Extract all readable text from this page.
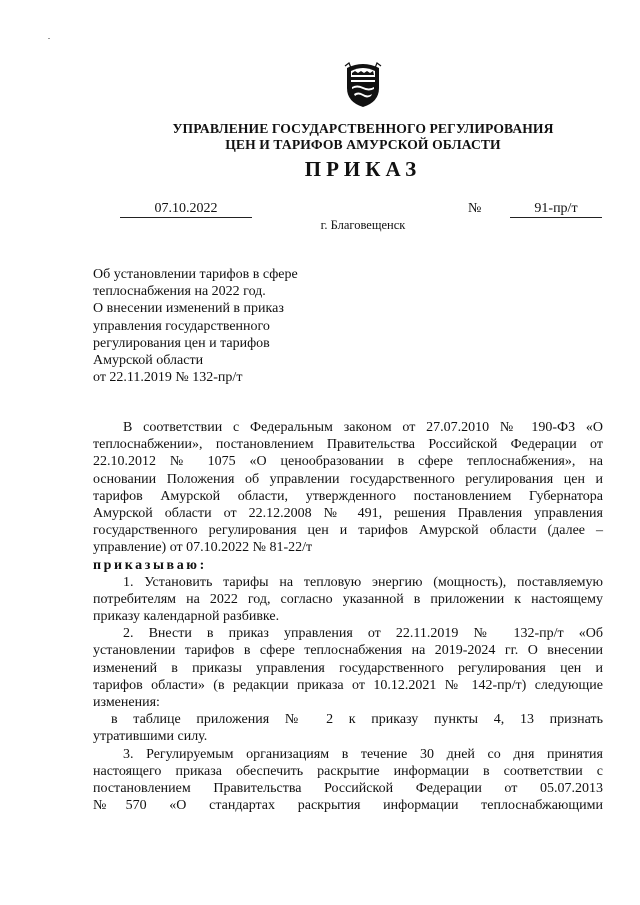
УПРАВЛЕНИЕ ГОСУДАРСТВЕННОГО РЕГУЛИРОВАНИЯ
ЦЕН И ТАРИФОВ АМУРСКОЙ ОБЛАСТИ
ПРИКАЗ
07.10.2022	№	91-пр/т
г. Благовещенск
Об установлении тарифов в сфере
теплоснабжения на 2022 год.
О внесении изменений в приказ
управления государственного
регулирования цен и тарифов
Амурской области
от 22.11.2019 № 132-пр/т
В соответствии с Федеральным законом от 27.07.2010 № 190-ФЗ «О
теплоснабжении», постановлением Правительства Российской Федерации от
22.10.2012 № 1075 «О ценообразовании в сфере теплоснабжения», на
основании Положения об управлении государственного регулирования цен и
тарифов Амурской области, утвержденного постановлением Губернатора
Амурской области от 22.12.2008 № 491, решения Правления управления
государственного регулирования цен и тарифов Амурской области (далее –
управление) от 07.10.2022 № 81-22/т
приказываю:
1. Установить тарифы на тепловую энергию (мощность), поставляемую
потребителям на 2022 год, согласно указанной в приложении к настоящему
приказу календарной разбивке.
2. Внести в приказ управления от 22.11.2019 № 132-пр/т «Об
установлении тарифов в сфере теплоснабжения на 2019-2024 гг. О внесении
изменений в приказы управления государственного регулирования цен и
тарифов области» (в редакции приказа от 10.12.2021 № 142-пр/т) следующие
изменения:
в таблице приложения № 2 к приказу пункты 4, 13 признать
утратившими силу.
3. Регулируемым организациям в течение 30 дней со дня принятия
настоящего приказа обеспечить раскрытие информации в соответствии с
постановлением Правительства Российской Федерации от 05.07.2013
№570 «О стандартах раскрытия информации теплоснабжающими
